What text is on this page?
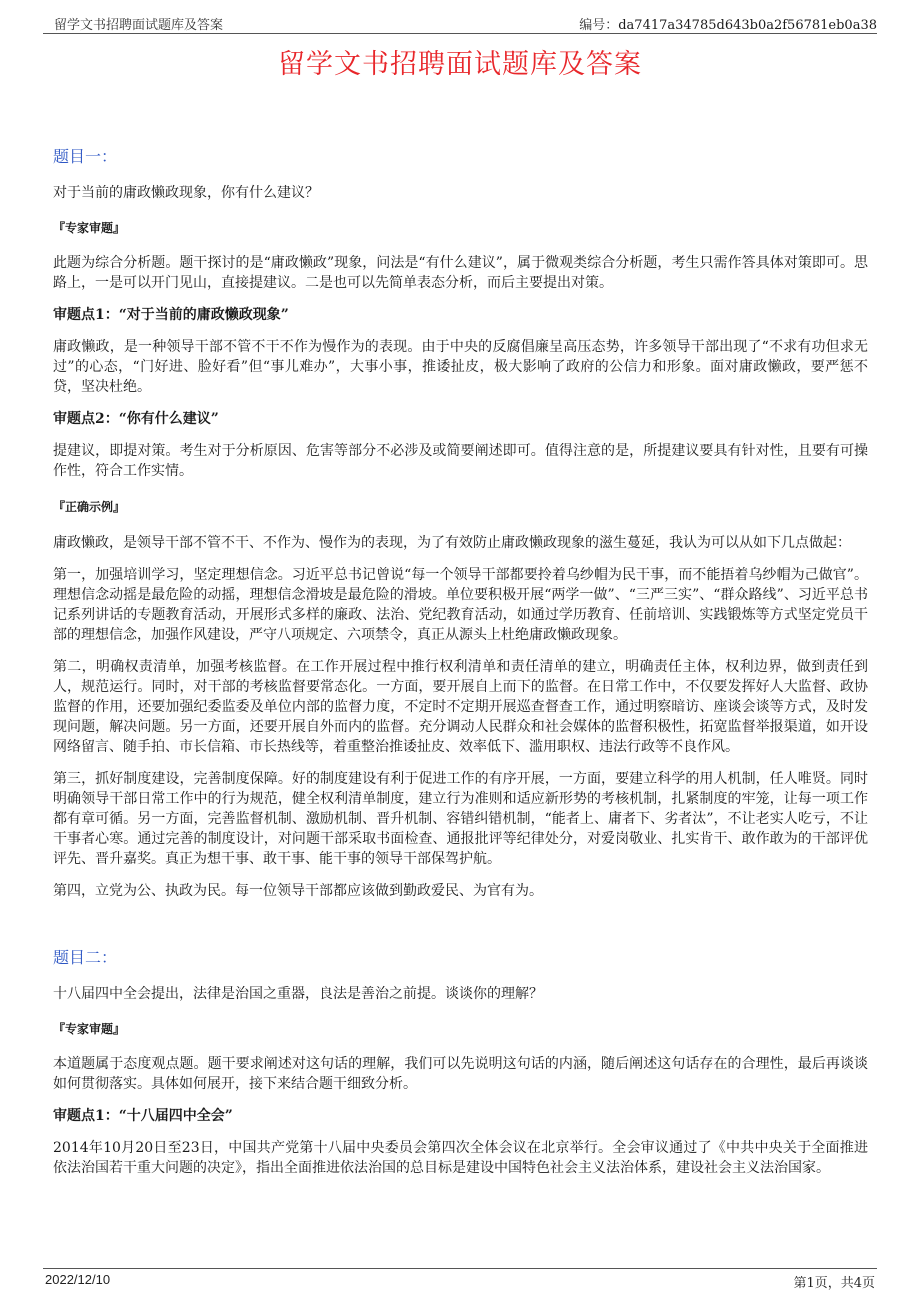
留学文书招聘面试题库及答案	编号：da7417a34785d643b0a2f56781eb0a38
留学文书招聘面试题库及答案
题目一：

对于当前的庸政懒政现象，你有什么建议？

『专家审题』

此题为综合分析题。题干探讨的是“庸政懒政”现象，问法是“有什么建议”，属于微观类综合分析题，考生只需作答具体对策即可。思路上，一是可以开门见山，直接提建议。二是也可以先简单表态分析，而后主要提出对策。

审题点1：“对于当前的庸政懒政现象”

庸政懒政，是一种领导干部不管不干不作为慢作为的表现。由于中央的反腐倡廉呈高压态势，许多领导干部出现了“不求有功但求无过”的心态，“门好进、脸好看”但“事儿难办”，大事小事，推诿扯皮，极大影响了政府的公信力和形象。面对庸政懒政，要严惩不贷，坚决杜绝。

审题点2：“你有什么建议”

提建议，即提对策。考生对于分析原因、危害等部分不必涉及或简要阐述即可。值得注意的是，所提建议要具有针对性，且要有可操作性，符合工作实情。

『正确示例』

庸政懒政，是领导干部不管不干、不作为、慢作为的表现，为了有效防止庸政懒政现象的滋生蔓延，我认为可以从如下几点做起：

第一，加强培训学习，坚定理想信念。习近平总书记曾说“每一个领导干部都要拎着乌纱帽为民干事，而不能捂着乌纱帽为己做官”。理想信念动摇是最危险的动摇，理想信念滑坡是最危险的滑坡。单位要积极开展“两学一做”、“三严三实”、“群众路线”、习近平总书记系列讲话的专题教育活动，开展形式多样的廉政、法治、党纪教育活动，如通过学历教育、任前培训、实践锻炼等方式坚定党员干部的理想信念，加强作风建设，严守八项规定、六项禁令，真正从源头上杜绝庸政懒政现象。

第二，明确权责清单，加强考核监督。在工作开展过程中推行权利清单和责任清单的建立，明确责任主体，权利边界，做到责任到人，规范运行。同时，对干部的考核监督要常态化。一方面，要开展自上而下的监督。在日常工作中，不仅要发挥好人大监督、政协监督的作用，还要加强纪委监委及单位内部的监督力度，不定时不定期开展巡查督查工作，通过明察暗访、座谈会谈等方式，及时发现问题，解决问题。另一方面，还要开展自外而内的监督。充分调动人民群众和社会媒体的监督积极性，拓宽监督举报渠道，如开设网络留言、随手拍、市长信箱、市长热线等，着重整治推诿扯皮、效率低下、滥用职权、违法行政等不良作风。

第三，抓好制度建设，完善制度保障。好的制度建设有利于促进工作的有序开展，一方面，要建立科学的用人机制，任人唯贤。同时明确领导干部日常工作中的行为规范，健全权利清单制度，建立行为准则和适应新形势的考核机制，扎紧制度的牢笼，让每一项工作都有章可循。另一方面，完善监督机制、激励机制、晋升机制、容错纠错机制，“能者上、庸者下、劣者汰”，不让老实人吃亏，不让干事者心寒。通过完善的制度设计，对问题干部采取书面检查、通报批评等纪律处分，对爱岗敬业、扎实肯干、敢作敢为的干部评优评先、晋升嘉奖。真正为想干事、敢干事、能干事的领导干部保驾护航。

第四，立党为公、执政为民。每一位领导干部都应该做到勤政爱民、为官有为。

题目二：

十八届四中全会提出，法律是治国之重器，良法是善治之前提。谈谈你的理解？

『专家审题』

本道题属于态度观点题。题干要求阐述对这句话的理解，我们可以先说明这句话的内涵，随后阐述这句话存在的合理性，最后再谈谈如何贯彻落实。具体如何展开，接下来结合题干细致分析。

审题点1：“十八届四中全会”

2014年10月20日至23日，中国共产党第十八届中央委员会第四次全体会议在北京举行。全会审议通过了《中共中央关于全面推进依法治国若干重大问题的决定》，指出全面推进依法治国的总目标是建设中国特色社会主义法治体系，建设社会主义法治国家。

2022/12/10	第1页，共4页
